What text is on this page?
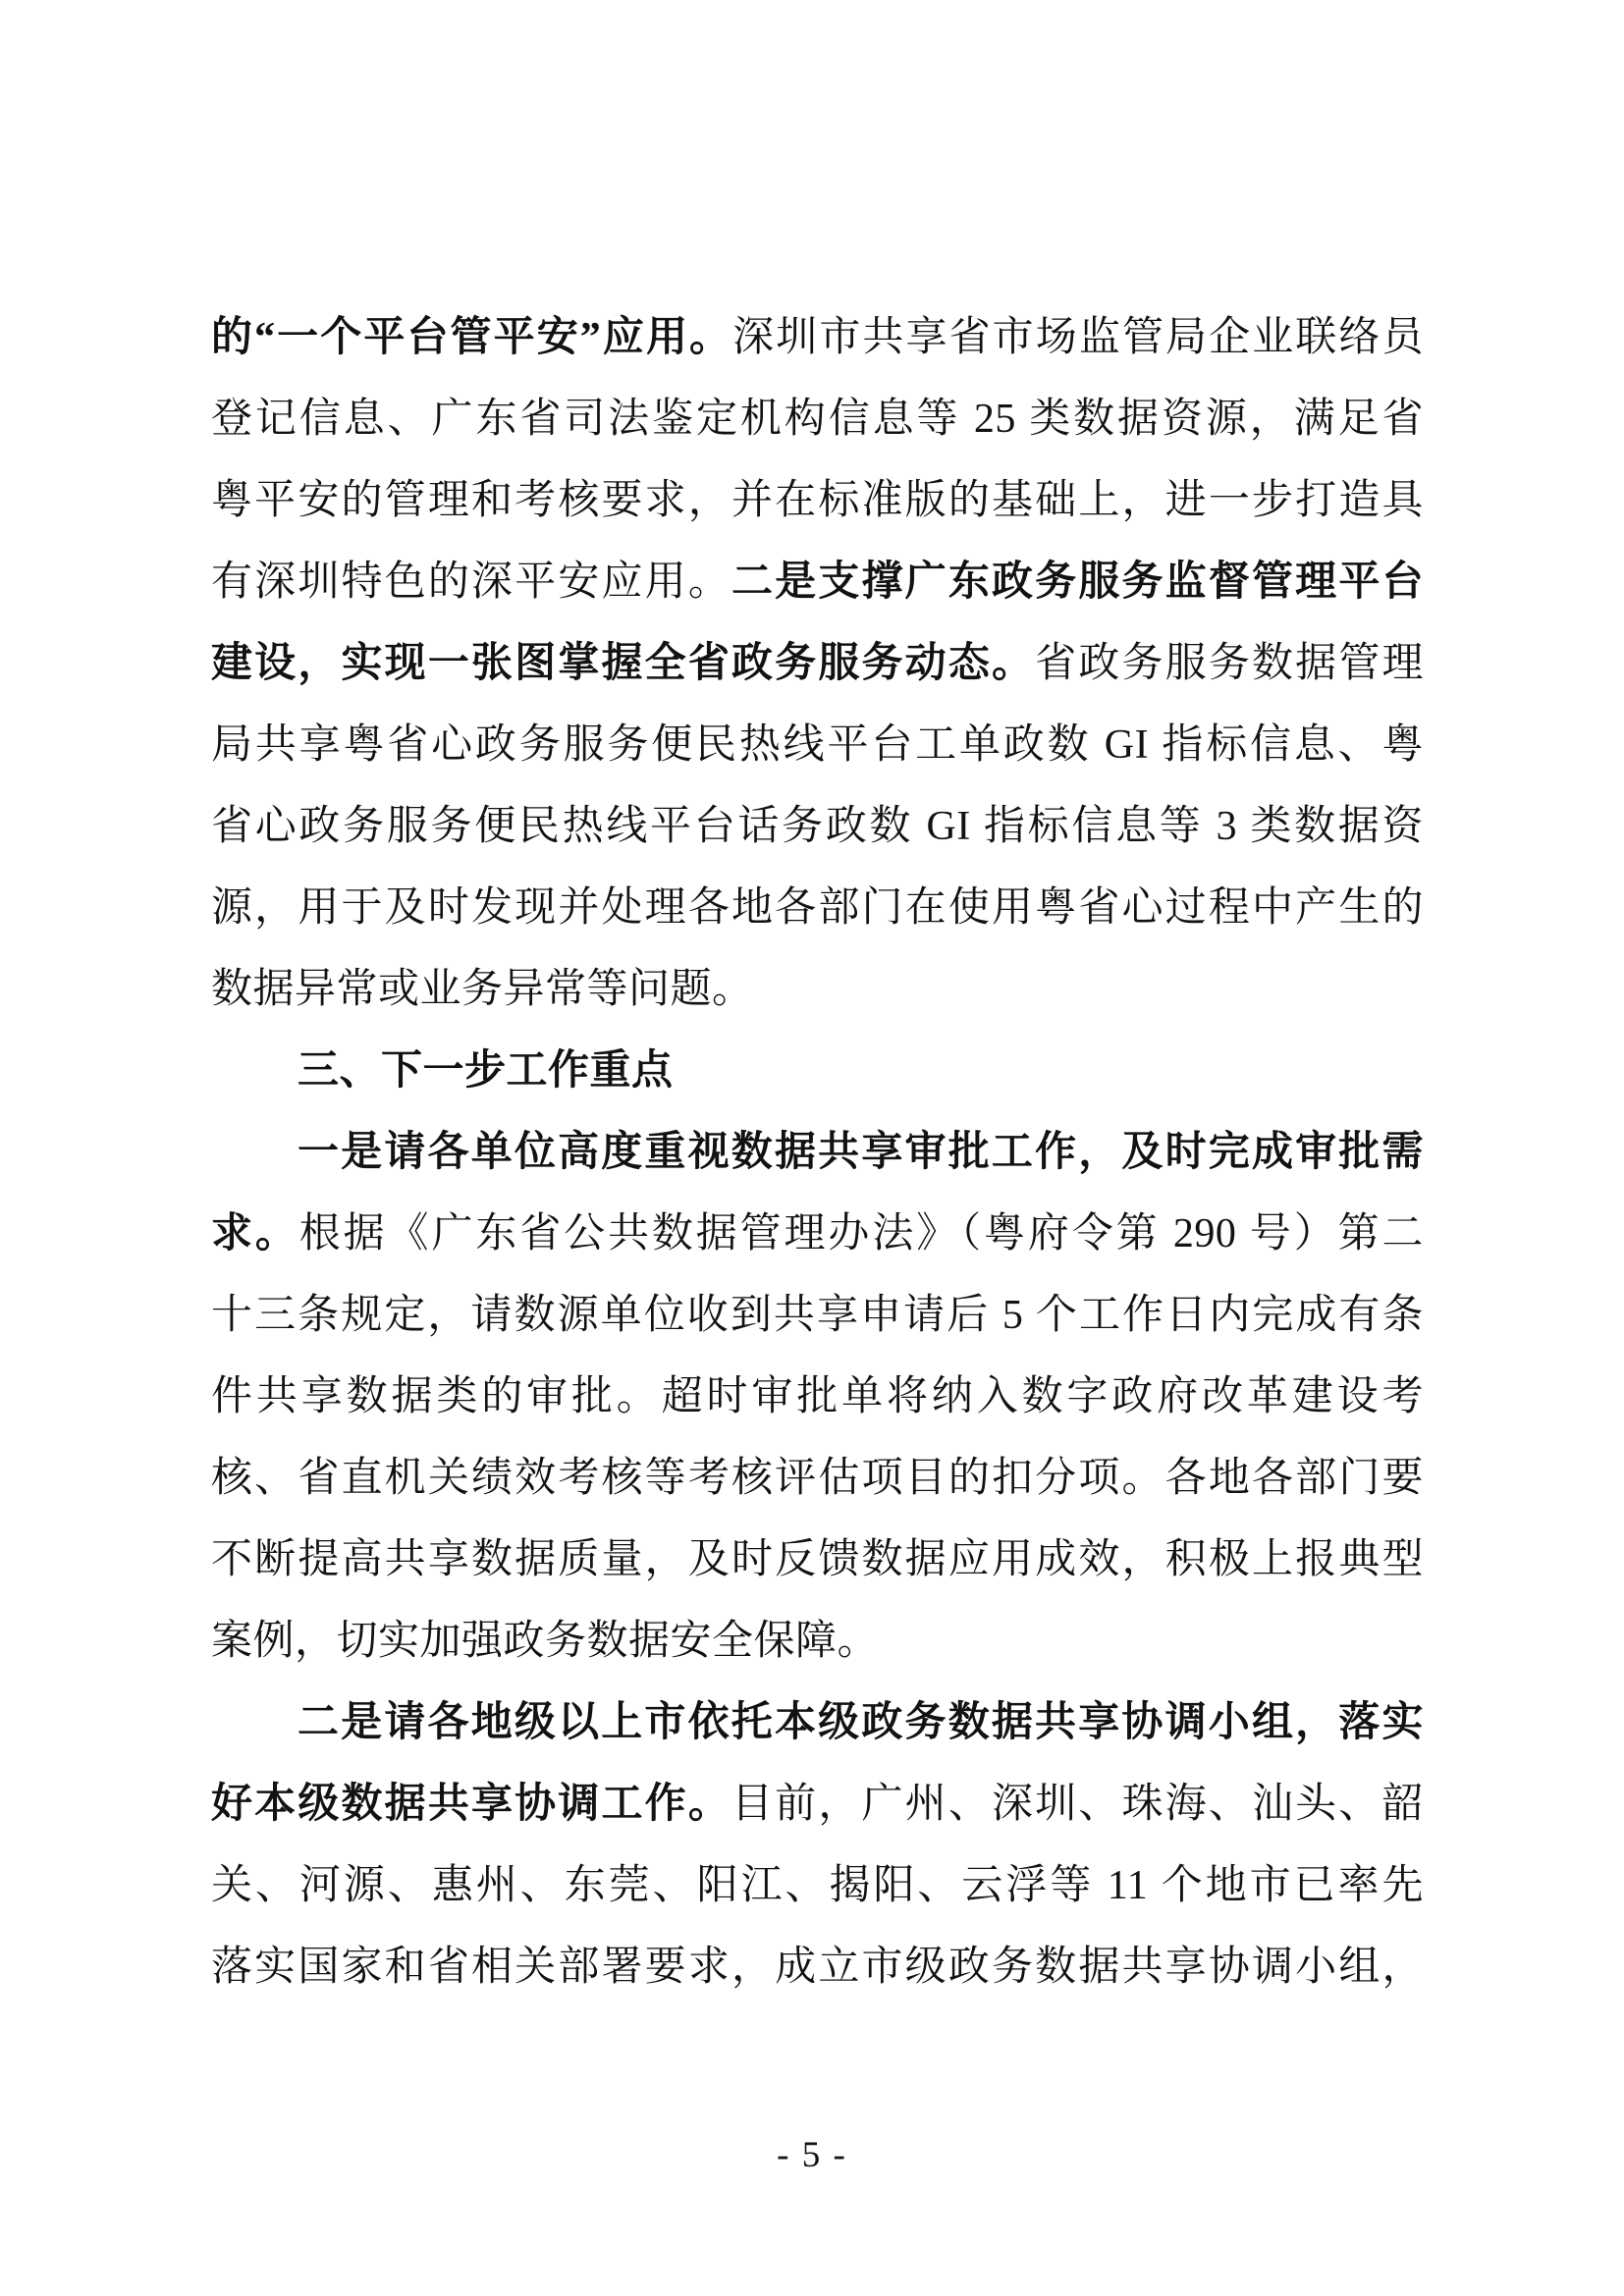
的“一个平台管平安”应用。深圳市共享省市场监管局企业联络员
登记信息、广东省司法鉴定机构信息等 25 类数据资源，满足省
粤平安的管理和考核要求，并在标准版的基础上，进一步打造具
有深圳特色的深平安应用。二是支撑广东政务服务监督管理平台
建设，实现一张图掌握全省政务服务动态。省政务服务数据管理
局共享粤省心政务服务便民热线平台工单政数 GI 指标信息、粤
省心政务服务便民热线平台话务政数 GI 指标信息等 3 类数据资
源，用于及时发现并处理各地各部门在使用粤省心过程中产生的
数据异常或业务异常等问题。
三、下一步工作重点
一是请各单位高度重视数据共享审批工作，及时完成审批需
求。根据《广东省公共数据管理办法》（粤府令第 290 号）第二
十三条规定，请数源单位收到共享申请后 5 个工作日内完成有条
件共享数据类的审批。超时审批单将纳入数字政府改革建设考
核、省直机关绩效考核等考核评估项目的扣分项。各地各部门要
不断提高共享数据质量，及时反馈数据应用成效，积极上报典型
案例，切实加强政务数据安全保障。
二是请各地级以上市依托本级政务数据共享协调小组，落实
好本级数据共享协调工作。目前，广州、深圳、珠海、汕头、韶
关、河源、惠州、东莞、阳江、揭阳、云浮等 11 个地市已率先
落实国家和省相关部署要求，成立市级政务数据共享协调小组，
- 5 -
